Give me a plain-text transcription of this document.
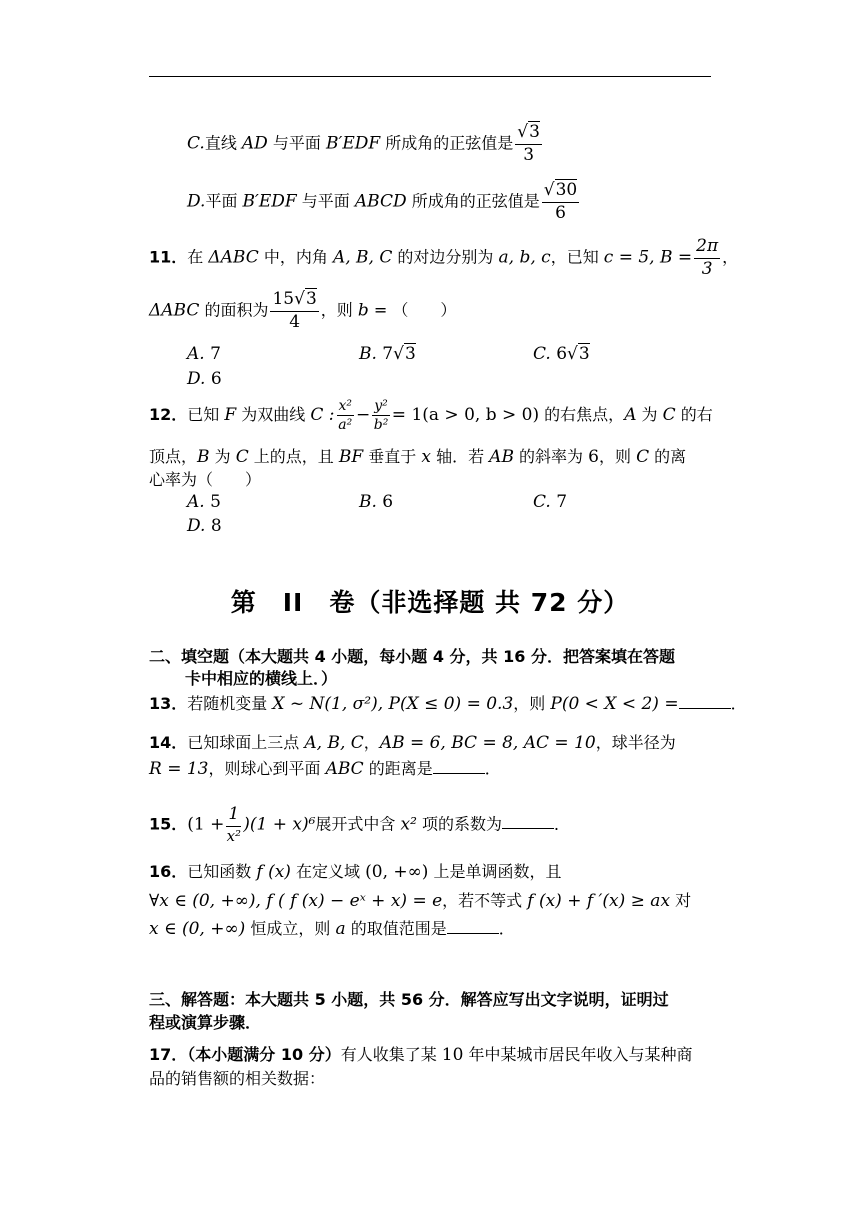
C.直线 AD 与平面 B′EDF 所成角的正弦值是 $\frac{√3}{3}$
D.平面 B′EDF 与平面 ABCD 所成角的正弦值是 $\frac{√30}{6}$
11．在 ΔABC 中，内角 A, B, C 的对边分别为 a, b, c，已知 c = 5, $B = \frac{2\pi}{3}$ ，
ΔABC 的面积为 $\frac{15√3}{4}$ ，则 b = （　　）
A. 7	B. 7√3	C. 6√3
D. 6
12．已知 F 为双曲线 C : $\frac{\text{x²}}{\text{a²}} - \frac{\text{y²}}{\text{b²}} = 1(a > 0$, b > 0) 的右焦点，A 为 C 的右
顶点，B 为 C 上的点，且 BF 垂直于 x 轴．若 AB 的斜率为 6，则 C 的离
心率为（　　）
A. 5	B. 6	C. 7
D. 8
第　II　卷（非选择题 共 72 分）
二、填空题（本大题共 4 小题，每小题 4 分，共 16 分．把答案填在答题
卡中相应的横线上．）
13．若随机变量 X ~ N(1, σ²), P(X ≤ 0) = 0.3，则 P(0 < X < 2) =	．
14．已知球面上三点 A, B, C，AB = 6, BC = 8, AC = 10，球半径为
R = 13，则球心到平面 ABC 的距离是	．
15．$(1 + \frac{1}{\text{x²}} )(1 + x)^6$展开式中含 x² 项的系数为	．
16．已知函数 f (x) 在定义域 (0, +∞) 上是单调函数，且
∀x ∈ (0, +∞), f ( f (x) − eˣ + x) = e，若不等式 f (x) + f ′(x) ≥ ax 对
x ∈ (0, +∞) 恒成立，则 a 的取值范围是	．
三、解答题：本大题共 5 小题，共 56 分．解答应写出文字说明，证明过
程或演算步骤．
17．（本小题满分 10 分）有人收集了某 10 年中某城市居民年收入与某种商
品的销售额的相关数据：
